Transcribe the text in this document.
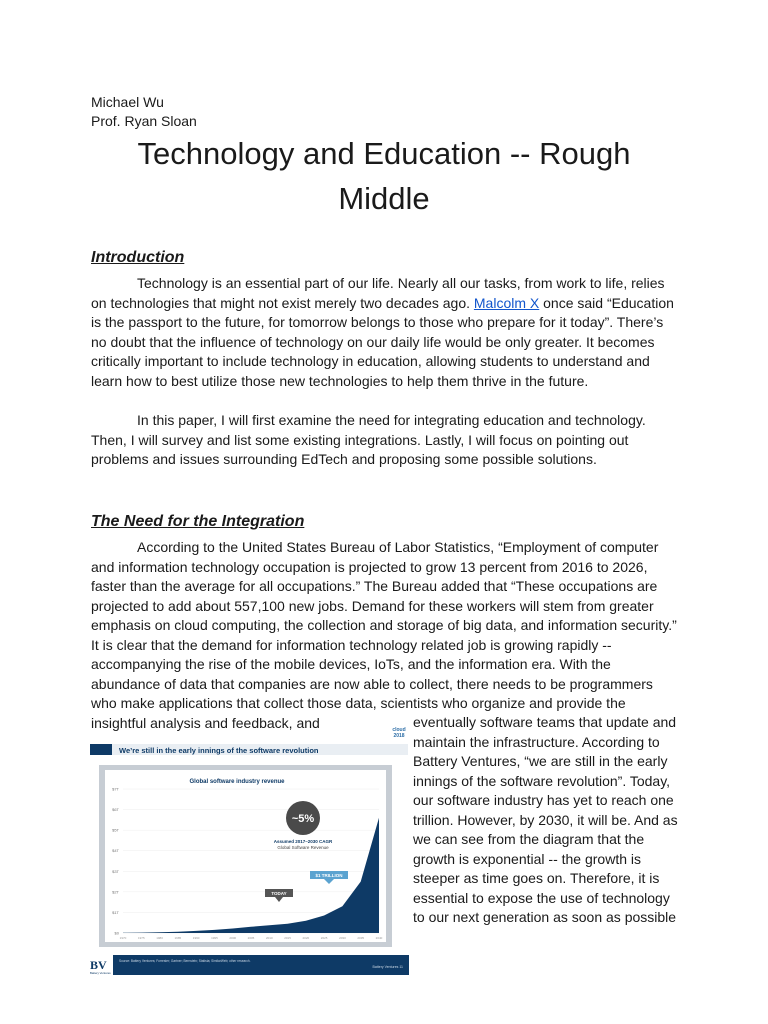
Michael Wu
Prof. Ryan Sloan
Technology and Education -- Rough
Middle
Introduction

Technology is an essential part of our life. Nearly all our tasks, from work to life, relies on technologies that might not exist merely two decades ago. Malcolm X once said “Education is the passport to the future, for tomorrow belongs to those who prepare for it today”. There’s no doubt that the influence of technology on our daily life would be only greater. It becomes critically important to include technology in education, allowing students to understand and learn how to best utilize those new technologies to help them thrive in the future.

In this paper, I will first examine the need for integrating education and technology. Then, I will survey and list some existing integrations. Lastly, I will focus on pointing out problems and issues surrounding EdTech and proposing some possible solutions.

The Need for the Integration

According to the United States Bureau of Labor Statistics, “Employment of computer and information technology occupation is projected to grow 13 percent from 2016 to 2026, faster than the average for all occupations.” The Bureau added that “These occupations are projected to add about 557,100 new jobs. Demand for these workers will stem from greater emphasis on cloud computing, the collection and storage of big data, and information security.” It is clear that the demand for information technology related job is growing rapidly -- accompanying the rise of the mobile devices, IoTs, and the information era. With the abundance of data that companies are now able to collect, there needs to be programmers who make applications that collect those data, scientists who organize and provide the insightful analysis and feedback, and	eventually software teams that update and maintain the infrastructure. According to Battery Ventures, “we are still in the early innings of the software revolution”. Today, our software industry has yet to reach one trillion. However, by 2030, it will be. And as we can see from the diagram that the growth is exponential -- the growth is steeper as time goes on. Therefore, it is essential to expose the use of technology to our next generation as soon as possible

cloud
2018
We’re still in the early innings of the software revolution
Global software industry revenue
$0
$1T
$2T
$3T
$4T
$5T
$6T
$7T
1970	1975	1980	1985	1990	1995	2000	2005	2010	2015	2020	2025	2030	2035	2040
~5%
Assumed 2017–2030 CAGR
Global Software Revenue
$1 TRILLION
TODAY
BV
Battery Ventures
Source: Battery Ventures; Forrester; Gartner; Bernstein; Statista; SimilarWeb; other research.
Battery Ventures 11
